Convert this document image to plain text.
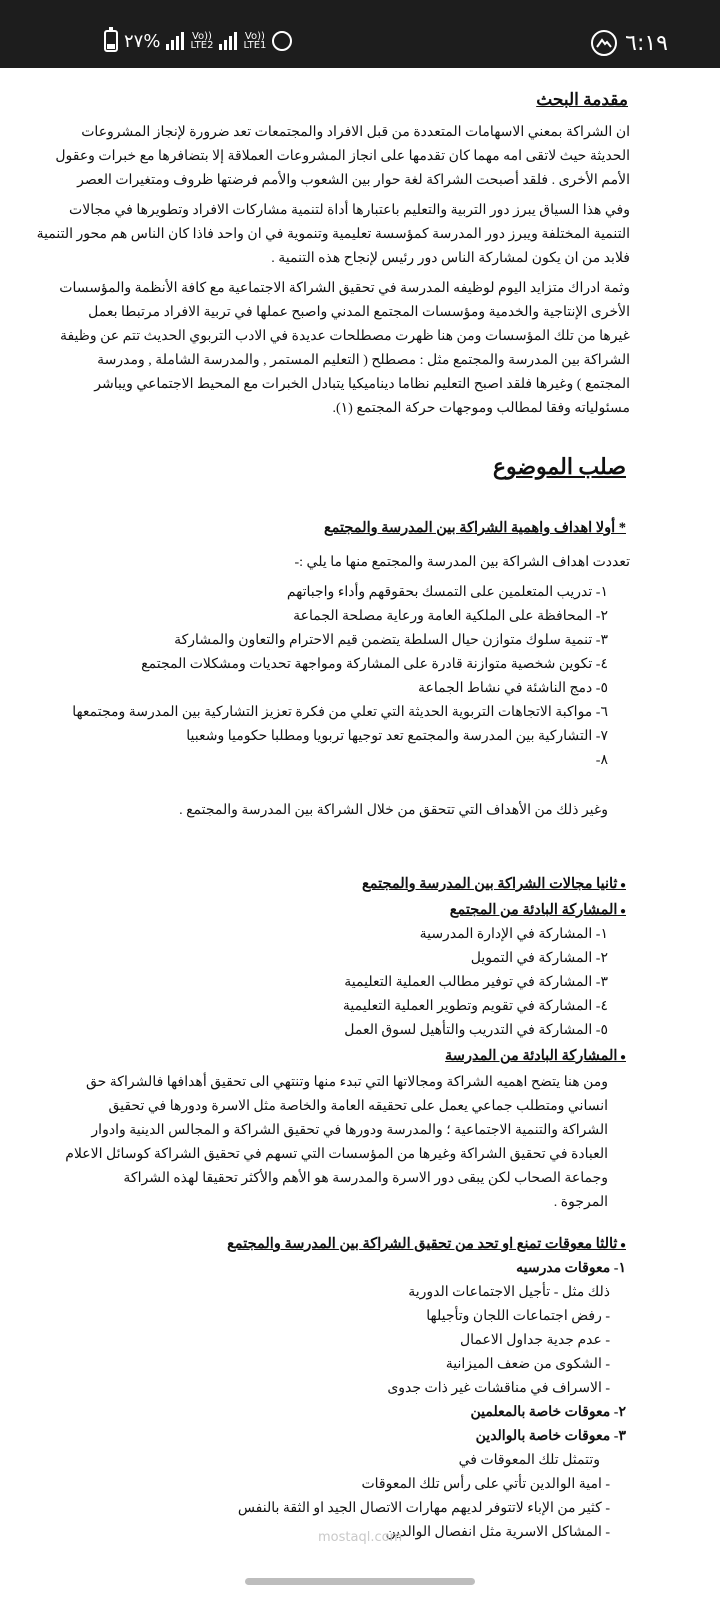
٢٧%	Vo))
LTE2
Vo))
LTE1	٦:١٩
مقدمة البحث
ان الشراكة بمعني الاسهامات المتعددة من قبل الافراد والمجتمعات تعد ضرورة لإنجاز المشروعات
الحديثة حيث لاتقى امه مهما كان تقدمها على انجاز المشروعات العملاقة إلا بتضافرها مع خبرات وعقول
الأمم الأخرى . فلقد أصبحت الشراكة لغة حوار بين الشعوب والأمم فرضتها ظروف ومتغيرات العصر
وفي هذا السياق يبرز دور التربية والتعليم باعتبارها أداة لتنمية مشاركات الافراد وتطويرها في مجالات
التنمية المختلفة ويبرز دور المدرسة كمؤسسة تعليمية وتنموية في ان واحد فاذا كان الناس هم محور التنمية
فلابد من ان يكون لمشاركة الناس دور رئيس لإنجاح هذه التنمية .
وثمة ادراك متزايد اليوم لوظيفه المدرسة في تحقيق الشراكة الاجتماعية مع كافة الأنظمة والمؤسسات
الأخرى الإنتاجية والخدمية ومؤسسات المجتمع المدني واصبح عملها في تربية الافراد مرتبطا بعمل
غيرها من تلك المؤسسات ومن هنا ظهرت مصطلحات عديدة في الادب التربوي الحديث تتم عن وظيفة
الشراكة بين المدرسة والمجتمع مثل : مصطلح ( التعليم المستمر , والمدرسة الشاملة , ومدرسة
المجتمع ) وغيرها فلقد اصبح التعليم نظاما ديناميكيا يتبادل الخبرات مع المحيط الاجتماعي ويباشر
مسئولياته وفقا لمطالب وموجهات حركة المجتمع (١).
صلب الموضوع
* أولا اهداف واهمية الشراكة بين المدرسة والمجتمع
تعددت اهداف الشراكة بين المدرسة والمجتمع منها ما يلي :-
١- تدريب المتعلمين على التمسك بحقوقهم وأداء واجباتهم
٢- المحافظة على الملكية العامة ورعاية مصلحة الجماعة
٣- تنمية سلوك متوازن حيال السلطة يتضمن قيم الاحترام والتعاون والمشاركة
٤- تكوين شخصية متوازنة قادرة على المشاركة ومواجهة تحديات ومشكلات المجتمع
٥- دمج الناشئة في نشاط الجماعة
٦- مواكبة الاتجاهات التربوية الحديثة التي تعلي من فكرة تعزيز التشاركية بين المدرسة ومجتمعها
٧- التشاركية بين المدرسة والمجتمع تعد توجيها تربويا ومطلبا حكوميا وشعبيا
٨-
وغير ذلك من الأهداف التي تتحقق من خلال الشراكة بين المدرسة والمجتمع .
● ثانيا مجالات الشراكة بين المدرسة والمجتمع
● المشاركة البادئة من المجتمع
١- المشاركة في الإدارة المدرسية
٢- المشاركة في التمويل
٣- المشاركة في توفير مطالب العملية التعليمية
٤- المشاركة في تقويم وتطوير العملية التعليمية
٥- المشاركة في التدريب والتأهيل لسوق العمل
● المشاركة البادئة من المدرسة
ومن هنا يتضح اهميه الشراكة ومجالاتها التي تبدء منها وتنتهي الى تحقيق أهدافها فالشراكة حق
انساني ومتطلب جماعي يعمل على تحقيقه العامة والخاصة مثل الاسرة ودورها في تحقيق
الشراكة والتنمية الاجتماعية ؛ والمدرسة ودورها في تحقيق الشراكة و المجالس الدينية وادوار
العبادة في تحقيق الشراكة وغيرها من المؤسسات التي تسهم في تحقيق الشراكة كوسائل الاعلام
وجماعة الصحاب لكن يبقى دور الاسرة والمدرسة هو الأهم والأكثر تحقيقا لهذه الشراكة
المرجوة .
● ثالثا معوقات تمنع او تحد من تحقيق الشراكة بين المدرسة والمجتمع
١- معوقات مدرسيه
ذلك مثل - تأجيل الاجتماعات الدورية
- رفض اجتماعات اللجان وتأجيلها
- عدم جدية جداول الاعمال
- الشكوى من ضعف الميزانية
- الاسراف في مناقشات غير ذات جدوى
٢- معوقات خاصة بالمعلمين
٣- معوقات خاصة بالوالدين
وتتمثل تلك المعوقات في
- امية الوالدين تأتي على رأس تلك المعوقات
- كثير من الإباء لاتتوفر لديهم مهارات الاتصال الجيد او الثقة بالنفس
- المشاكل الاسرية مثل انفصال الوالدين
mostaql.com
